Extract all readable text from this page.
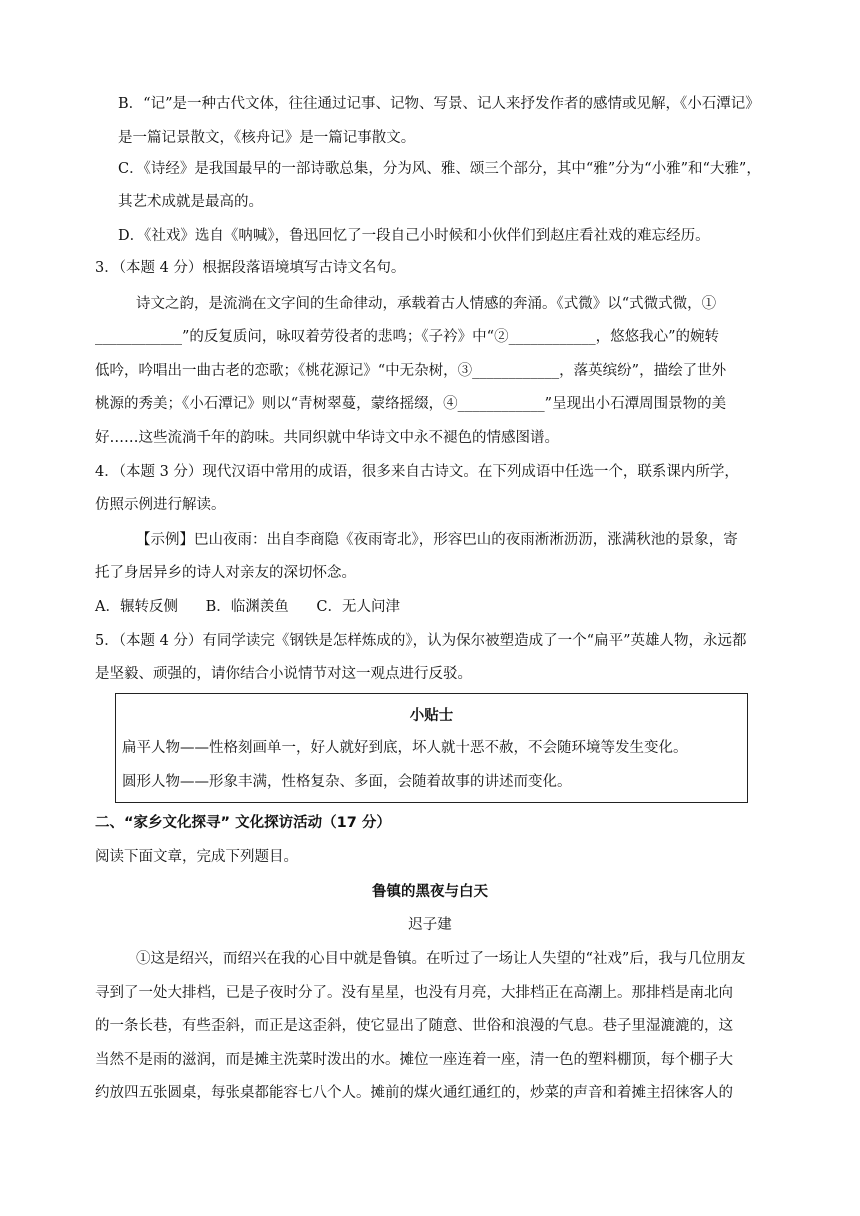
B．“记”是一种古代文体，往往通过记事、记物、写景、记人来抒发作者的感情或见解，《小石潭记》
是一篇记景散文，《核舟记》是一篇记事散文。
C．《诗经》是我国最早的一部诗歌总集，分为风、雅、颂三个部分，其中“雅”分为“小雅”和“大雅”，
其艺术成就是最高的。
D．《社戏》选自《呐喊》，鲁迅回忆了一段自己小时候和小伙伴们到赵庄看社戏的难忘经历。
3．（本题 4 分）根据段落语境填写古诗文名句。
诗文之韵，是流淌在文字间的生命律动，承载着古人情感的奔涌。《式微》以“式微式微，①
____________”的反复质问，咏叹着劳役者的悲鸣；《子衿》中“②____________，悠悠我心”的婉转
低吟，吟唱出一曲古老的恋歌；《桃花源记》“中无杂树，③____________，落英缤纷”，描绘了世外
桃源的秀美；《小石潭记》则以“青树翠蔓，蒙络摇缀，④____________”呈现出小石潭周围景物的美
好……这些流淌千年的韵味。共同织就中华诗文中永不褪色的情感图谱。
4．（本题 3 分）现代汉语中常用的成语，很多来自古诗文。在下列成语中任选一个，联系课内所学，
仿照示例进行解读。
【示例】巴山夜雨：出自李商隐《夜雨寄北》，形容巴山的夜雨淅淅沥沥，涨满秋池的景象，寄
托了身居异乡的诗人对亲友的深切怀念。
A．辗转反侧      B．临渊羡鱼      C．无人问津
5．（本题 4 分）有同学读完《钢铁是怎样炼成的》，认为保尔被塑造成了一个“扁平”英雄人物，永远都
是坚毅、顽强的，请你结合小说情节对这一观点进行反驳。
小贴士
扁平人物——性格刻画单一，好人就好到底，坏人就十恶不赦，不会随环境等发生变化。
圆形人物——形象丰满，性格复杂、多面，会随着故事的讲述而变化。
二、“家乡文化探寻” 文化探访活动（17 分）
阅读下面文章，完成下列题目。
鲁镇的黑夜与白天
迟子建
①这是绍兴，而绍兴在我的心目中就是鲁镇。在听过了一场让人失望的“社戏”后，我与几位朋友
寻到了一处大排档，已是子夜时分了。没有星星，也没有月亮，大排档正在高潮上。那排档是南北向
的一条长巷，有些歪斜，而正是这歪斜，使它显出了随意、世俗和浪漫的气息。巷子里湿漉漉的，这
当然不是雨的滋润，而是摊主洗菜时泼出的水。摊位一座连着一座，清一色的塑料棚顶，每个棚子大
约放四五张圆桌，每张桌都能容七八个人。摊前的煤火通红通红的，炒菜的声音和着摊主招徕客人的
